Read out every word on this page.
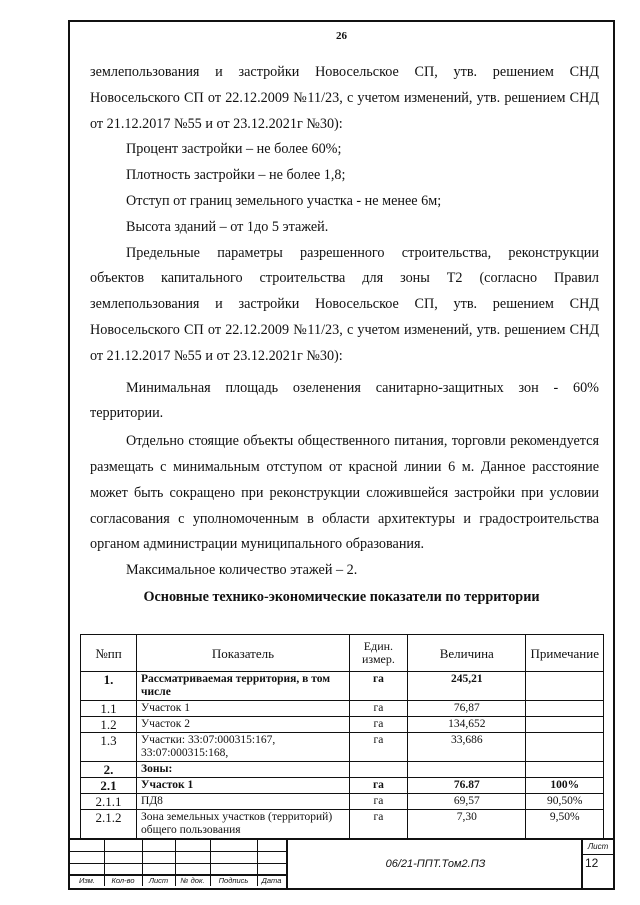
26

землепользования и застройки Новосельское СП, утв. решением СНД Новосельского СП от 22.12.2009 №11/23, с учетом изменений, утв. решением СНД от 21.12.2017 №55 и от 23.12.2021г №30):

Процент застройки – не более 60%;

Плотность застройки – не более 1,8;

Отступ от границ земельного участка - не менее 6м;

Высота зданий – от 1до 5 этажей.

Предельные параметры разрешенного строительства, реконструкции объектов капитального строительства для зоны Т2 (согласно Правил землепользования и застройки Новосельское СП, утв. решением СНД Новосельского СП от 22.12.2009 №11/23, с учетом изменений, утв. решением СНД от 21.12.2017 №55 и от 23.12.2021г №30):

Минимальная площадь озеленения санитарно-защитных зон - 60% территории.

Отдельно стоящие объекты общественного питания, торговли рекомендуется размещать с минимальным отступом от красной линии 6 м. Данное расстояние может быть сокращено при реконструкции сложившейся застройки при условии согласования с уполномоченным в области архитектуры и градостроительства органом администрации муниципального образования.

Максимальное количество этажей – 2.

Основные технико-экономические показатели по территории
№пп	Показатель	Един. измер.	Величина	Примечание
1.	Рассматриваемая территория, в том числе	га	245,21	
1.1	Участок 1	га	76,87	
1.2	Участок 2	га	134,652	
1.3	Участки: 33:07:000315:167, 33:07:000315:168,	га	33,686	
2.	Зоны:			
2.1	Участок 1	га	76.87	100%
2.1.1	ПД8	га	69,57	90,50%
2.1.2	Зона земельных участков (территорий) общего пользования	га	7,30	9,50%
Изм.	Кол-во	Лист	№ док.	Подпись	Дата
06/21-ППТ.Том2.ПЗ
Лист
12
